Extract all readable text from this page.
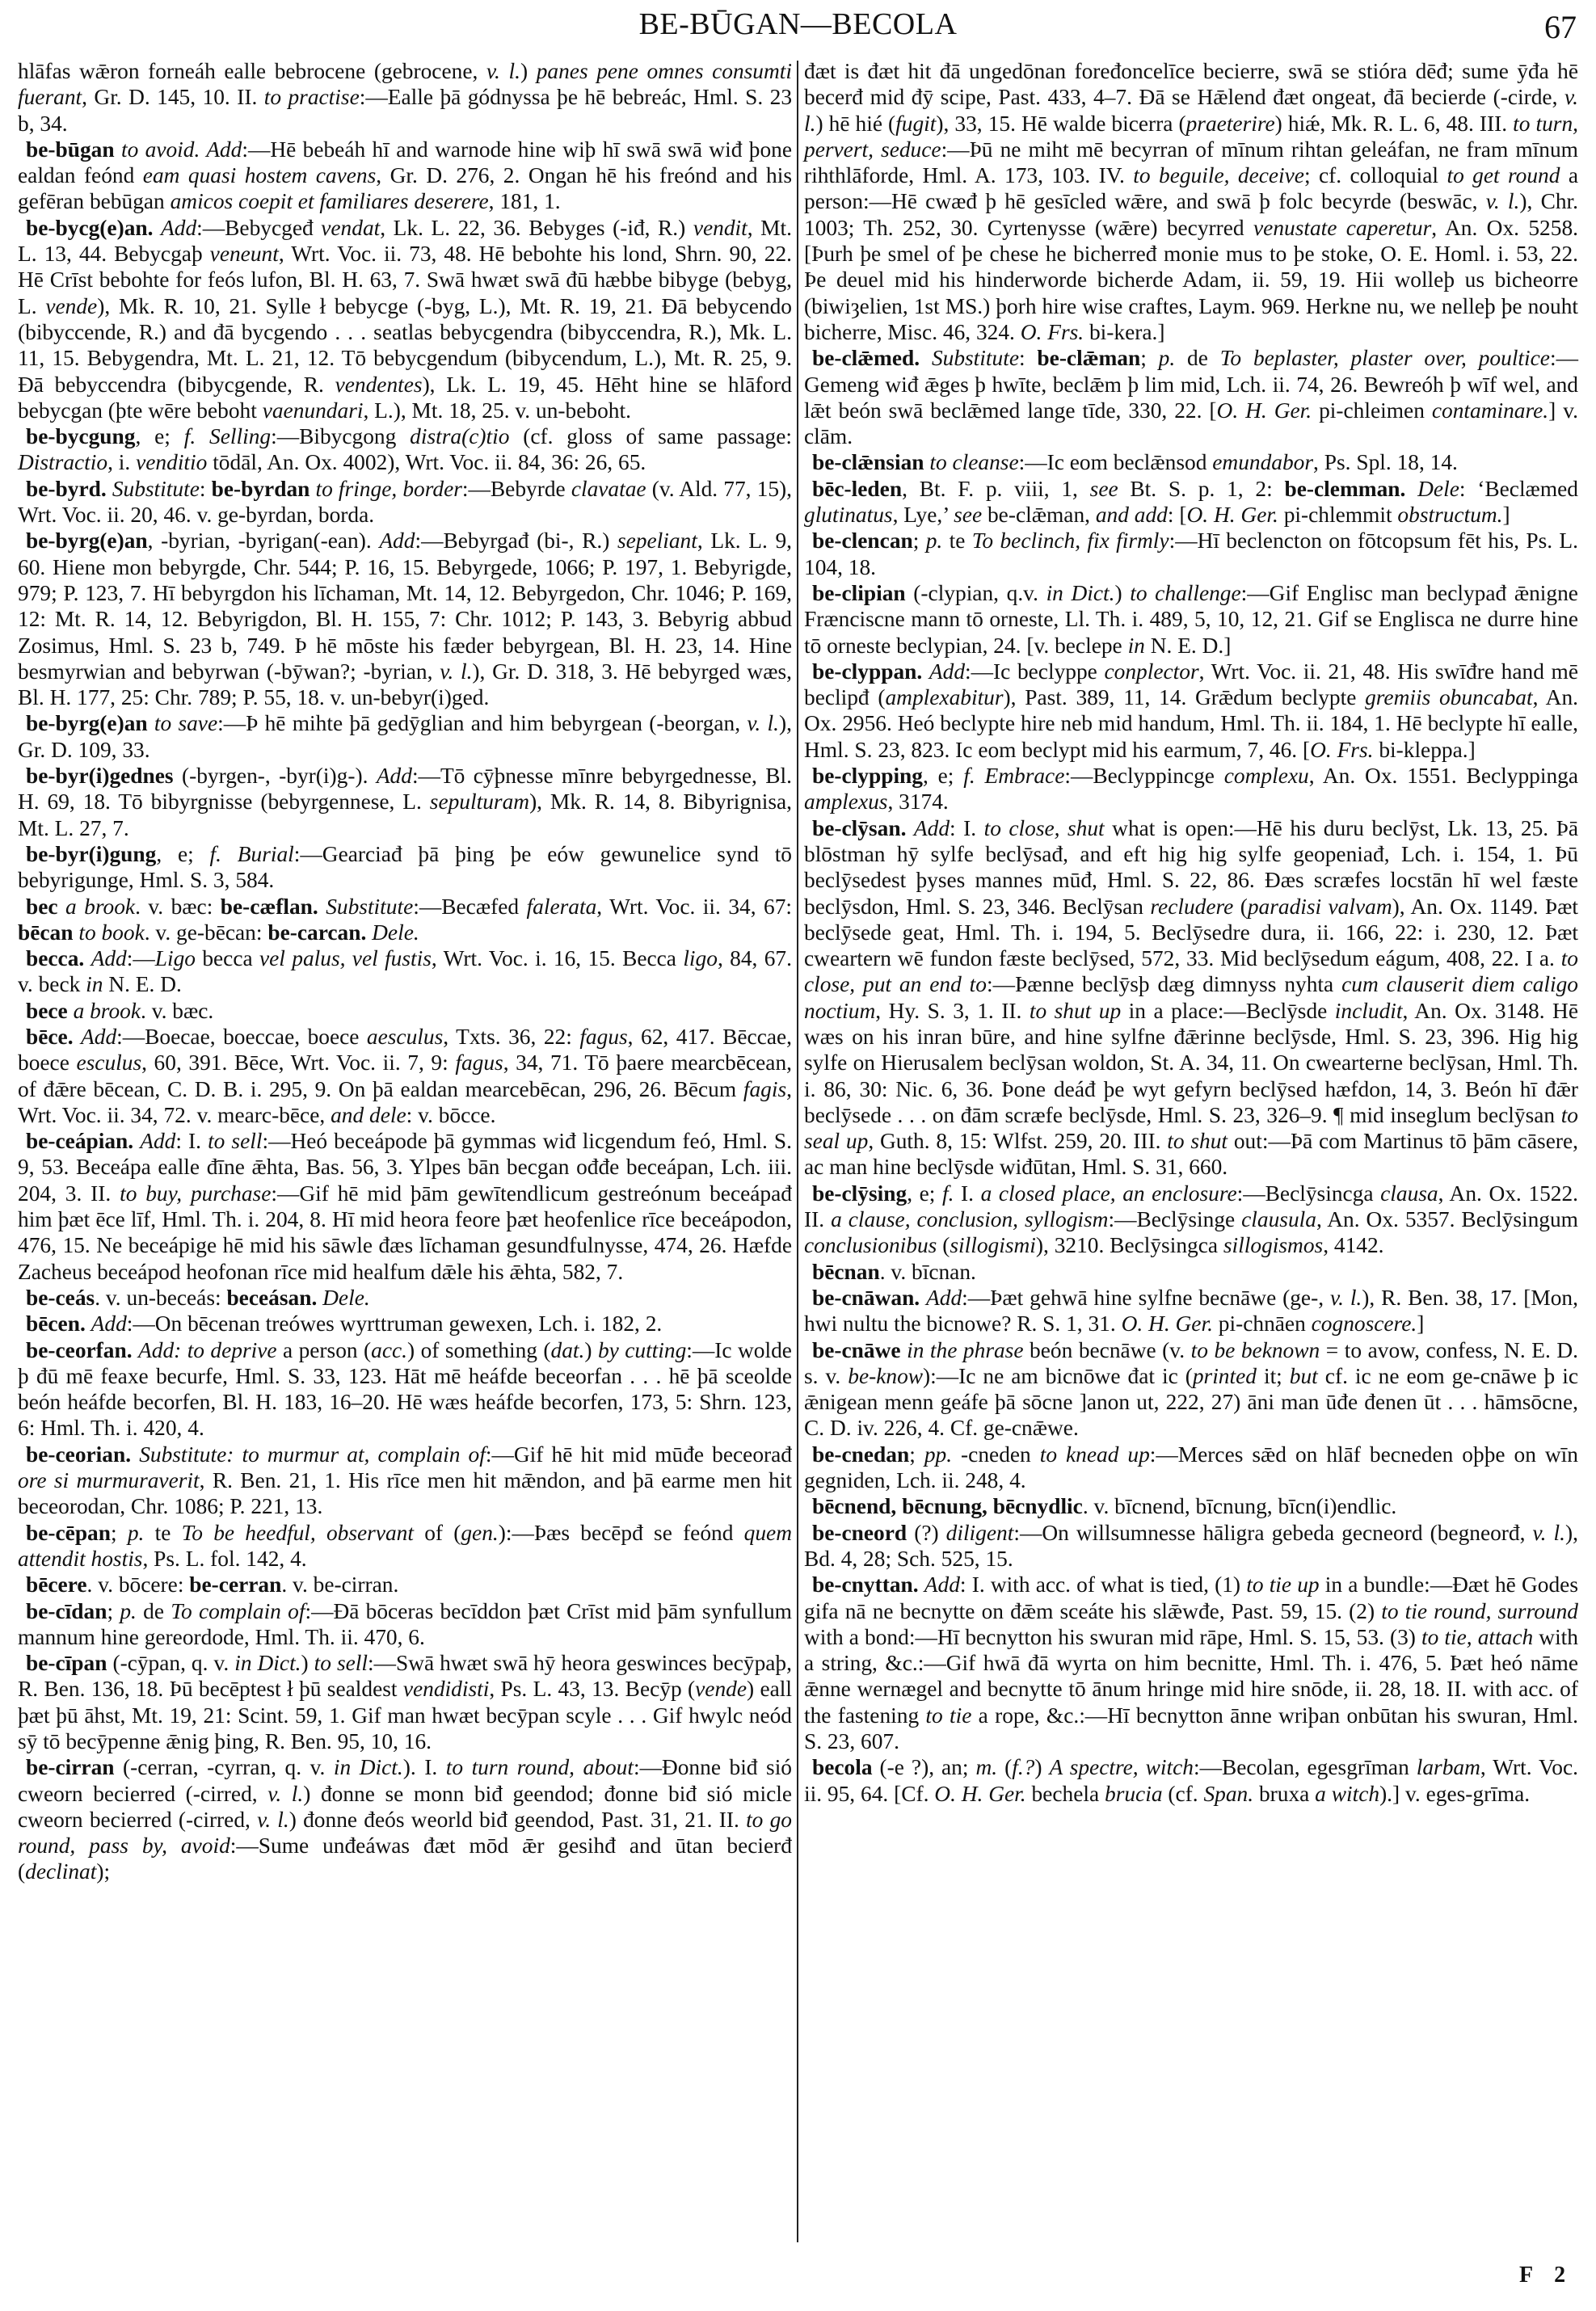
BE-BŪGAN—BECOLA	67

hlāfas wǣron forneáh ealle bebrocene (gebrocene, v. l.) panes pene omnes consumti fuerant, Gr. D. 145, 10. II. to practise:—Ealle þā gódnyssa þe hē bebreác, Hml. S. 23 b, 34.

be-būgan to avoid. Add:—Hē bebeáh hī and warnode hine wiþ hī swā swā wiđ þone ealdan feónd eam quasi hostem cavens, Gr. D. 276, 2. Ongan hē his freónd and his gefēran bebūgan amicos coepit et familiares deserere, 181, 1.

be-bycg(e)an. Add:—Bebycgeđ vendat, Lk. L. 22, 36. Bebyges (-iđ, R.) vendit, Mt. L. 13, 44. Bebycgaþ veneunt, Wrt. Voc. ii. 73, 48. Hē bebohte his lond, Shrn. 90, 22. Hē Crīst bebohte for feós lufon, Bl. H. 63, 7. Swā hwæt swā đū hæbbe bibyge (bebyg, L. vende), Mk. R. 10, 21. Sylle ł bebycge (-byg, L.), Mt. R. 19, 21. Đā bebycendo (bibyccende, R.) and đā bycgendo . . . seatlas bebycgendra (bibyccendra, R.), Mk. L. 11, 15. Bebygendra, Mt. L. 21, 12. Tō bebycgendum (bibycendum, L.), Mt. R. 25, 9. Đā bebyccendra (bibycgende, R. vendentes), Lk. L. 19, 45. Hēht hine se hlāford bebycgan (þte wēre beboht vaenundari, L.), Mt. 18, 25. v. un-beboht.

be-bycgung, e; f. Selling:—Bibycgong distra(c)tio (cf. gloss of same passage: Distractio, i. venditio tōdāl, An. Ox. 4002), Wrt. Voc. ii. 84, 36: 26, 65.

be-byrd. Substitute: be-byrdan to fringe, border:—Bebyrde clavatae (v. Ald. 77, 15), Wrt. Voc. ii. 20, 46. v. ge-byrdan, borda.

be-byrg(e)an, -byrian, -byrigan(-ean). Add:—Bebyrgađ (bi-, R.) sepeliant, Lk. L. 9, 60. Hiene mon bebyrgde, Chr. 544; P. 16, 15. Bebyrgede, 1066; P. 197, 1. Bebyrigde, 979; P. 123, 7. Hī bebyrgdon his līchaman, Mt. 14, 12. Bebyrgedon, Chr. 1046; P. 169, 12: Mt. R. 14, 12. Bebyrigdon, Bl. H. 155, 7: Chr. 1012; P. 143, 3. Bebyrig abbud Zosimus, Hml. S. 23 b, 749. Þ hē mōste his fæder bebyrgean, Bl. H. 23, 14. Hine besmyrwian and bebyrwan (-bȳwan?; -byrian, v. l.), Gr. D. 318, 3. Hē bebyrged wæs, Bl. H. 177, 25: Chr. 789; P. 55, 18. v. un-bebyr(i)ged.

be-byrg(e)an to save:—Þ hē mihte þā gedȳglian and him bebyrgean (-beorgan, v. l.), Gr. D. 109, 33.

be-byr(i)gednes (-byrgen-, -byr(i)g-). Add:—Tō cȳþnesse mīnre bebyrgednesse, Bl. H. 69, 18. Tō bibyrgnisse (bebyrgennese, L. sepulturam), Mk. R. 14, 8. Bibyrignisa, Mt. L. 27, 7.

be-byr(i)gung, e; f. Burial:—Gearciađ þā þing þe eów gewunelice synd tō bebyrigunge, Hml. S. 3, 584.

bec a brook. v. bæc: be-cæflan. Substitute:—Becæfed falerata, Wrt. Voc. ii. 34, 67: bēcan to book. v. ge-bēcan: be-carcan. Dele.

becca. Add:—Ligo becca vel palus, vel fustis, Wrt. Voc. i. 16, 15. Becca ligo, 84, 67. v. beck in N. E. D.

bece a brook. v. bæc.

bēce. Add:—Boecae, boeccae, boece aesculus, Txts. 36, 22: fagus, 62, 417. Bēccae, boece esculus, 60, 391. Bēce, Wrt. Voc. ii. 7, 9: fagus, 34, 71. Tō þaere mearcbēcean, of đǣre bēcean, C. D. B. i. 295, 9. On þā ealdan mearcebēcan, 296, 26. Bēcum fagis, Wrt. Voc. ii. 34, 72. v. mearc-bēce, and dele: v. bōcce.

be-ceápian. Add: I. to sell:—Heó beceápode þā gymmas wiđ licgendum feó, Hml. S. 9, 53. Beceápa ealle đīne ǣhta, Bas. 56, 3. Ylpes bān becgan ođđe beceápan, Lch. iii. 204, 3. II. to buy, purchase:—Gif hē mid þām gewītendlicum gestreónum beceápađ him þæt ēce līf, Hml. Th. i. 204, 8. Hī mid heora feore þæt heofenlice rīce beceápodon, 476, 15. Ne beceápige hē mid his sāwle đæs līchaman gesundfulnysse, 474, 26. Hæfde Zacheus beceápod heofonan rīce mid healfum dǣle his ǣhta, 582, 7.

be-ceás. v. un-beceás: beceásan. Dele.

bēcen. Add:—On bēcenan treówes wyrttruman gewexen, Lch. i. 182, 2.

be-ceorfan. Add: to deprive a person (acc.) of something (dat.) by cutting:—Ic wolde þ đū mē feaxe becurfe, Hml. S. 33, 123. Hāt mē heáfde beceorfan . . . hē þā sceolde beón heáfde becorfen, Bl. H. 183, 16–20. Hē wæs heáfde becorfen, 173, 5: Shrn. 123, 6: Hml. Th. i. 420, 4.

be-ceorian. Substitute: to murmur at, complain of:—Gif hē hit mid mūđe beceorađ ore si murmuraverit, R. Ben. 21, 1. His rīce men hit mǣndon, and þā earme men hit beceorodan, Chr. 1086; P. 221, 13.

be-cēpan; p. te To be heedful, observant of (gen.):—Þæs becēpđ se feónd quem attendit hostis, Ps. L. fol. 142, 4.

bēcere. v. bōcere: be-cerran. v. be-cirran.

be-cīdan; p. de To complain of:—Đā bōceras becīddon þæt Crīst mid þām synfullum mannum hine gereordode, Hml. Th. ii. 470, 6.

be-cīpan (-cȳpan, q. v. in Dict.) to sell:—Swā hwæt swā hȳ heora geswinces becȳpaþ, R. Ben. 136, 18. Þū becēptest ł þū sealdest vendidisti, Ps. L. 43, 13. Becȳp (vende) eall þæt þū āhst, Mt. 19, 21: Scint. 59, 1. Gif man hwæt becȳpan scyle . . . Gif hwylc neód sȳ tō becȳpenne ǣnig þing, R. Ben. 95, 10, 16.

be-cirran (-cerran, -cyrran, q. v. in Dict.). I. to turn round, about:—Đonne biđ sió cweorn becierred (-cirred, v. l.) đonne se monn biđ geendod; đonne biđ sió micle cweorn becierred (-cirred, v. l.) đonne đeós weorld biđ geendod, Past. 31, 21. II. to go round, pass by, avoid:—Sume unđeáwas đæt mōd ǣr gesihđ and ūtan becierđ (declinat);

đæt is đæt hit đā ungedōnan foređoncelīce becierre, swā se stióra dēđ; sume ȳđa hē becerđ mid đȳ scipe, Past. 433, 4–7. Đā se Hǣlend đæt ongeat, đā becierde (-cirde, v. l.) hē hié (fugit), 33, 15. Hē walde bicerra (praeterire) hiǽ, Mk. R. L. 6, 48. III. to turn, pervert, seduce:—Þū ne miht mē becyrran of mīnum rihtan geleáfan, ne fram mīnum rihthlāforde, Hml. A. 173, 103. IV. to beguile, deceive; cf. colloquial to get round a person:—Hē cwæđ þ hē gesīcled wǣre, and swā þ folc becyrde (beswāc, v. l.), Chr. 1003; Th. 252, 30. Cyrtenysse (wǣre) becyrred venustate caperetur, An. Ox. 5258. [Þurh þe smel of þe chese he bicherređ monie mus to þe stoke, O. E. Homl. i. 53, 22. Þe deuel mid his hinderworde bicherde Adam, ii. 59, 19. Hii wolleþ us bicheorre (biwiȝelien, 1st MS.) þorh hire wise craftes, Laym. 969. Herkne nu, we nelleþ þe nouht bicherre, Misc. 46, 324. O. Frs. bi-kera.]

be-clǣmed. Substitute: be-clǣman; p. de To beplaster, plaster over, poultice:—Gemeng wiđ ǣges þ hwīte, beclǣm þ lim mid, Lch. ii. 74, 26. Bewreóh þ wīf wel, and lǣt beón swā beclǣmed lange tīde, 330, 22. [O. H. Ger. pi-chleimen contaminare.] v. clām.

be-clǣnsian to cleanse:—Ic eom beclǣnsod emundabor, Ps. Spl. 18, 14.

bēc-leden, Bt. F. p. viii, 1, see Bt. S. p. 1, 2: be-clemman. Dele: ‘Beclæmed glutinatus, Lye,’ see be-clǣman, and add: [O. H. Ger. pi-chlemmit obstructum.]

be-clencan; p. te To beclinch, fix firmly:—Hī beclencton on fōtcopsum fēt his, Ps. L. 104, 18.

be-clipian (-clypian, q.v. in Dict.) to challenge:—Gif Englisc man beclypađ ǣnigne Frænciscne mann tō orneste, Ll. Th. i. 489, 5, 10, 12, 21. Gif se Englisca ne durre hine tō orneste beclypian, 24. [v. beclepe in N. E. D.]

be-clyppan. Add:—Ic beclyppe conplector, Wrt. Voc. ii. 21, 48. His swīđre hand mē beclipđ (amplexabitur), Past. 389, 11, 14. Grǣdum beclypte gremiis obuncabat, An. Ox. 2956. Heó beclypte hire neb mid handum, Hml. Th. ii. 184, 1. Hē beclypte hī ealle, Hml. S. 23, 823. Ic eom beclypt mid his earmum, 7, 46. [O. Frs. bi-kleppa.]

be-clypping, e; f. Embrace:—Beclyppincge complexu, An. Ox. 1551. Beclyppinga amplexus, 3174.

be-clȳsan. Add: I. to close, shut what is open:—Hē his duru beclȳst, Lk. 13, 25. Þā blōstman hȳ sylfe beclȳsađ, and eft hig hig sylfe geopeniađ, Lch. i. 154, 1. Þū beclȳsedest þyses mannes mūđ, Hml. S. 22, 86. Đæs scræfes locstān hī wel fæste beclȳsdon, Hml. S. 23, 346. Beclȳsan recludere (paradisi valvam), An. Ox. 1149. Þæt beclȳsede geat, Hml. Th. i. 194, 5. Beclȳsedre dura, ii. 166, 22: i. 230, 12. Þæt cweartern wē fundon fæste beclȳsed, 572, 33. Mid beclȳsedum eágum, 408, 22. I a. to close, put an end to:—Þænne beclȳsþ dæg dimnyss nyhta cum clauserit diem caligo noctium, Hy. S. 3, 1. II. to shut up in a place:—Beclȳsde includit, An. Ox. 3148. Hē wæs on his inran būre, and hine sylfne đǣrinne beclȳsde, Hml. S. 23, 396. Hig hig sylfe on Hierusalem beclȳsan woldon, St. A. 34, 11. On cwearterne beclȳsan, Hml. Th. i. 86, 30: Nic. 6, 36. Þone deáđ þe wyt gefyrn beclȳsed hæfdon, 14, 3. Beón hī đǣr beclȳsede . . . on đām scræfe beclȳsde, Hml. S. 23, 326–9. ¶ mid inseglum beclȳsan to seal up, Guth. 8, 15: Wlfst. 259, 20. III. to shut out:—Þā com Martinus tō þām cāsere, ac man hine beclȳsde wiđūtan, Hml. S. 31, 660.

be-clȳsing, e; f. I. a closed place, an enclosure:—Beclȳsincga clausa, An. Ox. 1522. II. a clause, conclusion, syllogism:—Beclȳsinge clausula, An. Ox. 5357. Beclȳsingum conclusionibus (sillogismi), 3210. Beclȳsingca sillogismos, 4142.

bēcnan. v. bīcnan.

be-cnāwan. Add:—Þæt gehwā hine sylfne becnāwe (ge-, v. l.), R. Ben. 38, 17. [Mon, hwi nultu the bicnowe? R. S. 1, 31. O. H. Ger. pi-chnāen cognoscere.]

be-cnāwe in the phrase beón becnāwe (v. to be beknown = to avow, confess, N. E. D. s. v. be-know):—Ic ne am bicnōwe đat ic (printed it; but cf. ic ne eom ge-cnāwe þ ic ǣnigean menn geáfe þā sōcne ]anon ut, 222, 27) āni man ūđe đenen ūt . . . hāmsōcne, C. D. iv. 226, 4. Cf. ge-cnǣwe.

be-cnedan; pp. -cneden to knead up:—Merces sǣd on hlāf becneden oþþe on wīn gegniden, Lch. ii. 248, 4.

bēcnend, bēcnung, bēcnydlic. v. bīcnend, bīcnung, bīcn(i)endlic.

be-cneord (?) diligent:—On willsumnesse hāligra gebeda gecneord (begneorđ, v. l.), Bd. 4, 28; Sch. 525, 15.

be-cnyttan. Add: I. with acc. of what is tied, (1) to tie up in a bundle:—Đæt hē Godes gifa nā ne becnytte on đǣm sceáte his slǣwđe, Past. 59, 15. (2) to tie round, surround with a bond:—Hī becnytton his swuran mid rāpe, Hml. S. 15, 53. (3) to tie, attach with a string, &c.:—Gif hwā đā wyrta on him becnitte, Hml. Th. i. 476, 5. Þæt heó nāme ǣnne wernægel and becnytte tō ānum hringe mid hire snōde, ii. 28, 18. II. with acc. of the fastening to tie a rope, &c.:—Hī becnytton ānne wriþan onbūtan his swuran, Hml. S. 23, 607.

becola (-e ?), an; m. (f.?) A spectre, witch:—Becolan, egesgrīman larbam, Wrt. Voc. ii. 95, 64. [Cf. O. H. Ger. bechela brucia (cf. Span. bruxa a witch).] v. eges-grīma.

F 2
